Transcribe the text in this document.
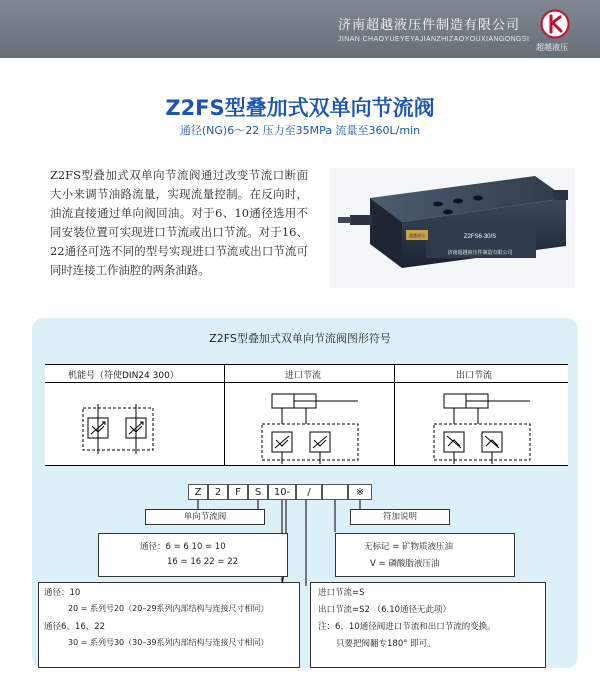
济南超越液压件制造有限公司
JINAN CHAOYUEYEYAJIANZHIZAOYOUXIANGONGSI
超越液压
Z2FS型叠加式双单向节流阀
通径(NG)6～22 压力至35MPa 流量至360L/min
Z2FS型叠加式双单向节流阀通过改变节流口断面大小来调节油路流量，实现流量控制。在反向时，油流直接通过单向阀回油。对于6、10通径选用不同安装位置可实现进口节流或出口节流。对于16、22通径可选不同的型号实现进口节流或出口节流可同时连接工作油腔的两条油路。
Z2FS6-30/S
济南超越液压件制造有限公司
超越液压
Z2FS型叠加式双单向节流阀图形符号
机能号（符使DIN24 300）	进口节流	出口节流
Z	2	F	S	10-	/	※
单向节流阀	符加说明
通径：6 = 6 10 = 10
16 = 16 22 = 22
无标记 = 矿物质液压油
V = 磷酸脂液压油
通径：10
20 = 系列号20（20–29系列内部结构与连接尺寸相同）
通径6、16、22
30 = 系列号30（30–39系列内部结构与连接尺寸相同）
进口节流=S
出口节流=S2 （6.10通径无此项）
注：6、10通径阀进口节流和出口节流的变换。
只要把阀翻专180° 即可。
